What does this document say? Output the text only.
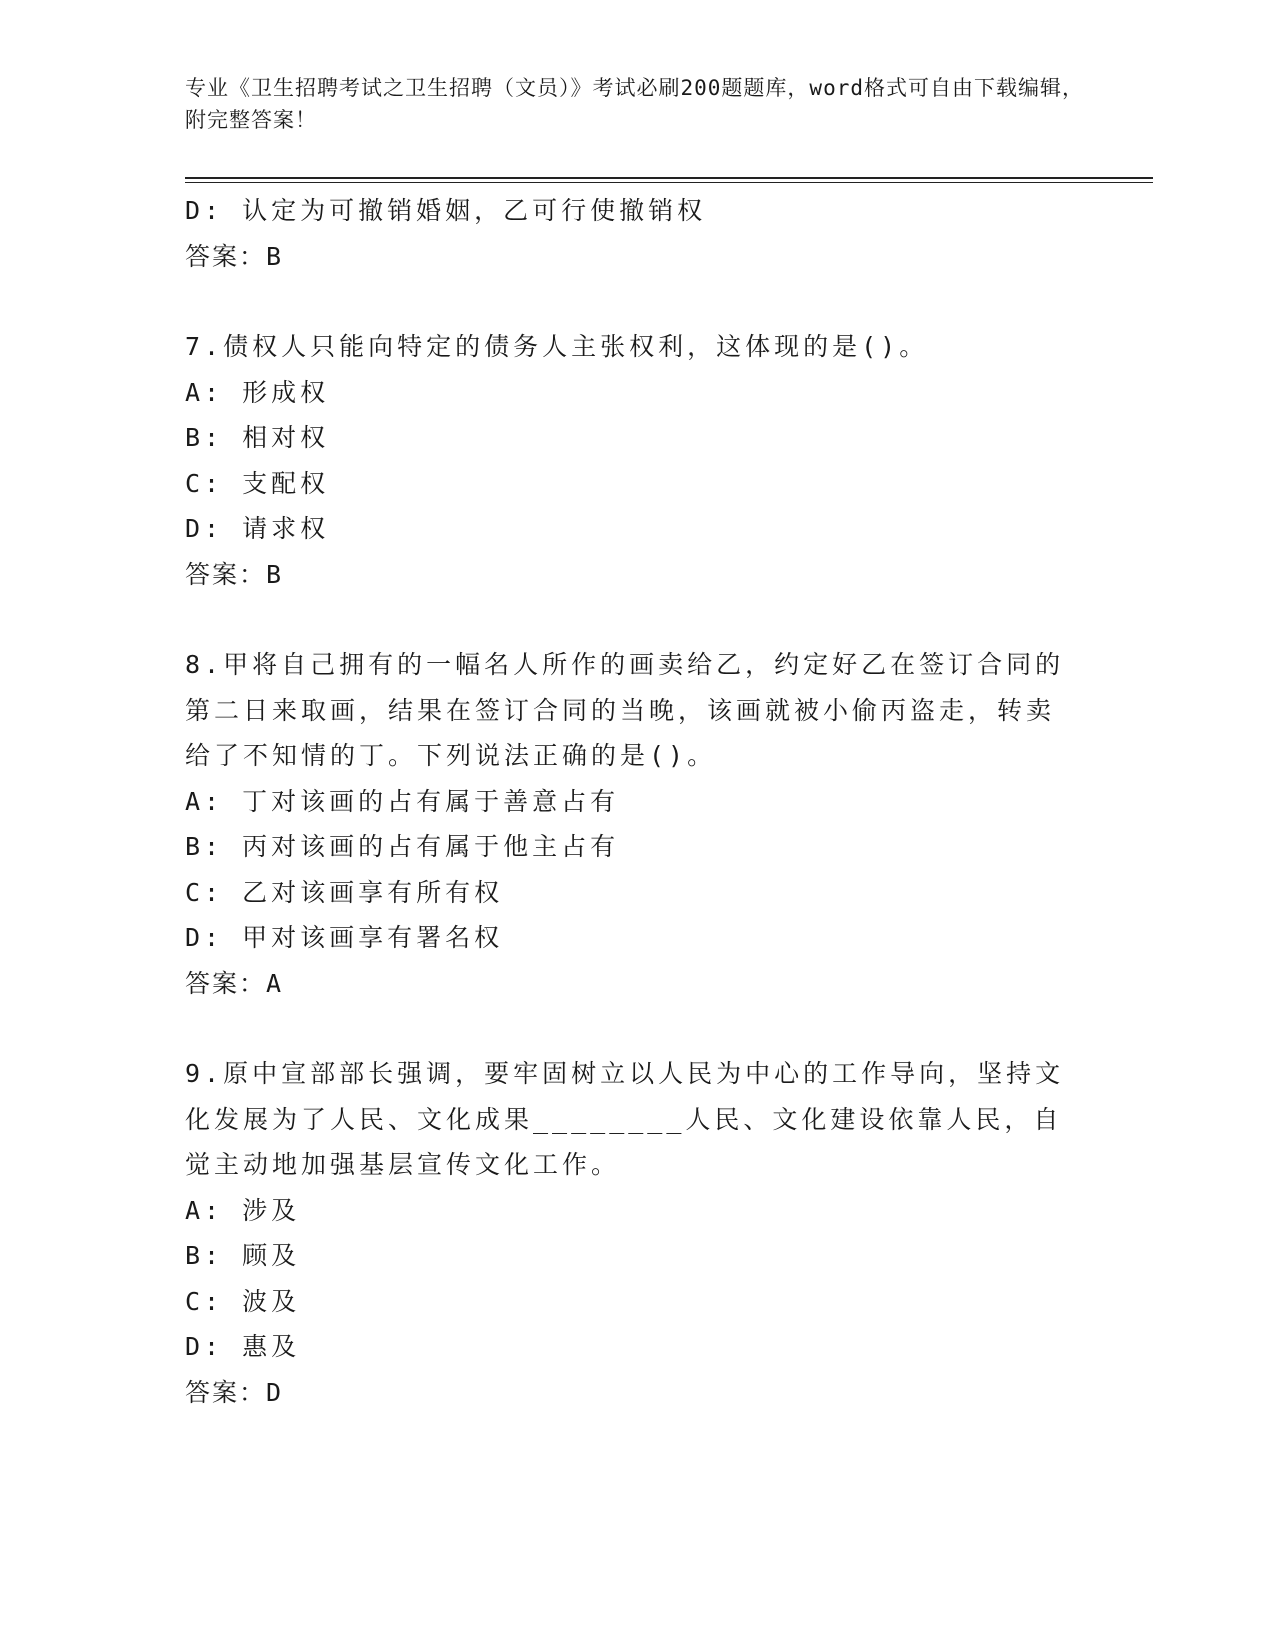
专业《卫生招聘考试之卫生招聘（文员）》考试必刷200题题库，word格式可自由下载编辑，附完整答案！
D: 认定为可撤销婚姻，乙可行使撤销权
答案：B
7.债权人只能向特定的债务人主张权利，这体现的是()。
A: 形成权
B: 相对权
C: 支配权
D: 请求权
答案：B
8.甲将自己拥有的一幅名人所作的画卖给乙，约定好乙在签订合同的第二日来取画，结果在签订合同的当晚，该画就被小偷丙盗走，转卖给了不知情的丁。下列说法正确的是()。
A: 丁对该画的占有属于善意占有
B: 丙对该画的占有属于他主占有
C: 乙对该画享有所有权
D: 甲对该画享有署名权
答案：A
9.原中宣部部长强调，要牢固树立以人民为中心的工作导向，坚持文化发展为了人民、文化成果________人民、文化建设依靠人民，自觉主动地加强基层宣传文化工作。
A: 涉及
B: 顾及
C: 波及
D: 惠及
答案：D
